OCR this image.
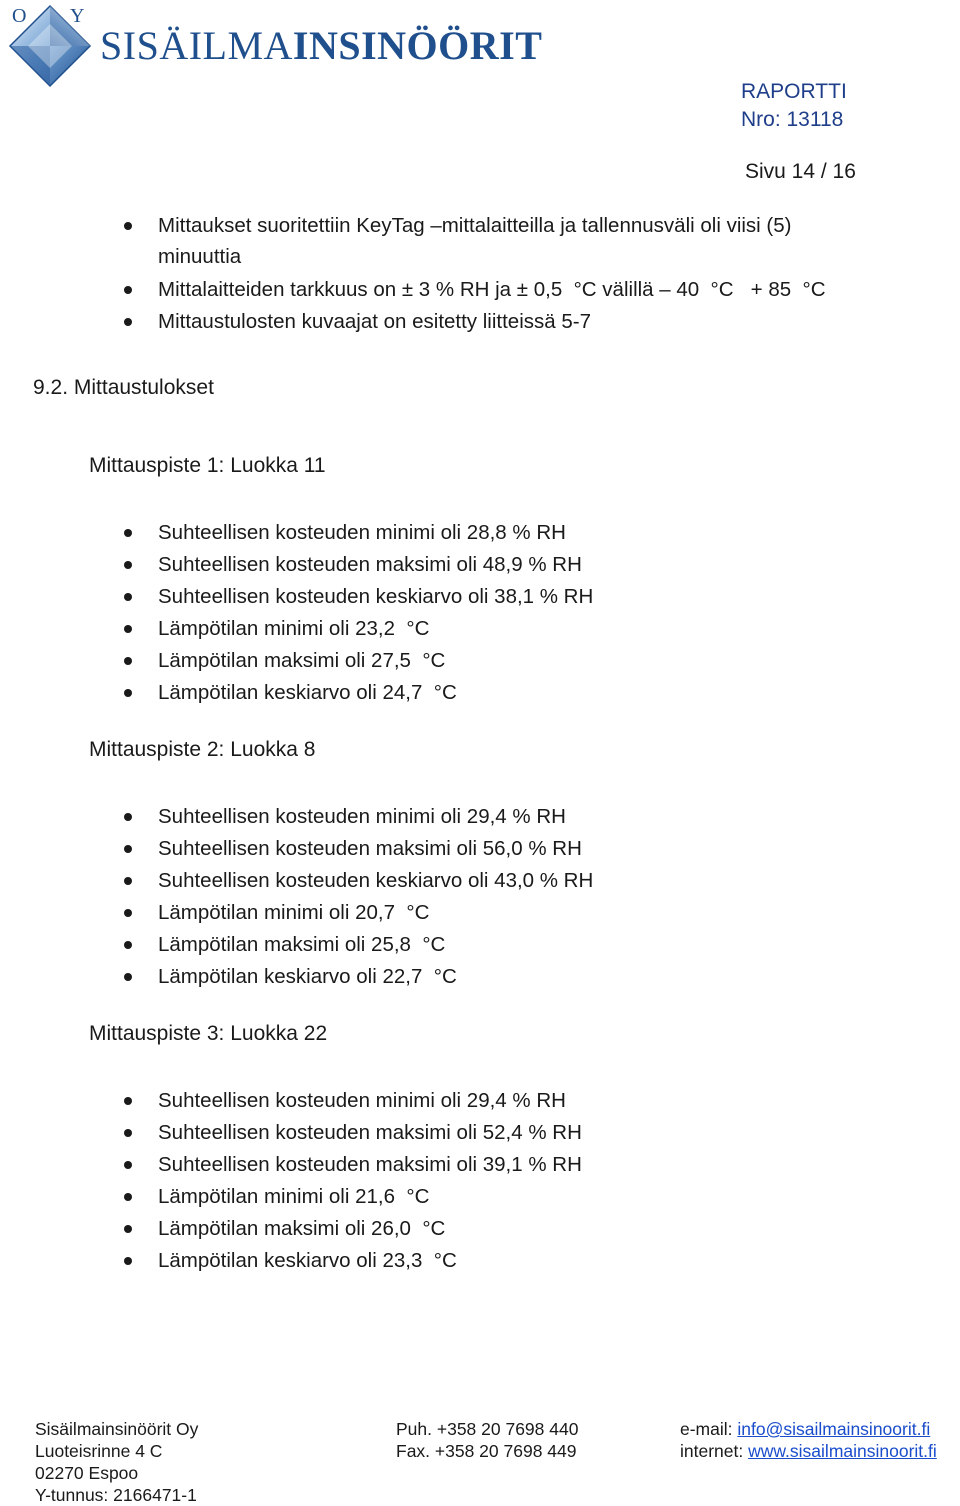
O Y
SISÄILMAINSINÖÖRIT
RAPORTTI
Nro: 13118
Sivu 14 / 16
Mittaukset suoritettiin KeyTag –mittalaitteilla ja tallennusväli oli viisi (5) minuuttia
Mittalaitteiden tarkkuus on ± 3 % RH ja ± 0,5  °C välillä – 40  °C   + 85  °C
Mittaustulosten kuvaajat on esitetty liitteissä 5-7
9.2. Mittaustulokset
Mittauspiste 1: Luokka 11
Suhteellisen kosteuden minimi oli 28,8 % RH
Suhteellisen kosteuden maksimi oli 48,9 % RH
Suhteellisen kosteuden keskiarvo oli 38,1 % RH
Lämpötilan minimi oli 23,2  °C
Lämpötilan maksimi oli 27,5  °C
Lämpötilan keskiarvo oli 24,7  °C
Mittauspiste 2: Luokka 8
Suhteellisen kosteuden minimi oli 29,4 % RH
Suhteellisen kosteuden maksimi oli 56,0 % RH
Suhteellisen kosteuden keskiarvo oli 43,0 % RH
Lämpötilan minimi oli 20,7  °C
Lämpötilan maksimi oli 25,8  °C
Lämpötilan keskiarvo oli 22,7  °C
Mittauspiste 3: Luokka 22
Suhteellisen kosteuden minimi oli 29,4 % RH
Suhteellisen kosteuden maksimi oli 52,4 % RH
Suhteellisen kosteuden maksimi oli 39,1 % RH
Lämpötilan minimi oli 21,6  °C
Lämpötilan maksimi oli 26,0  °C
Lämpötilan keskiarvo oli 23,3  °C
Sisäilmainsinöörit Oy
Luoteisrinne 4 C
02270 Espoo
Y-tunnus: 2166471-1
Puh. +358 20 7698 440
Fax. +358 20 7698 449
e-mail: info@sisailmainsinoorit.fi
internet: www.sisailmainsinoorit.fi
